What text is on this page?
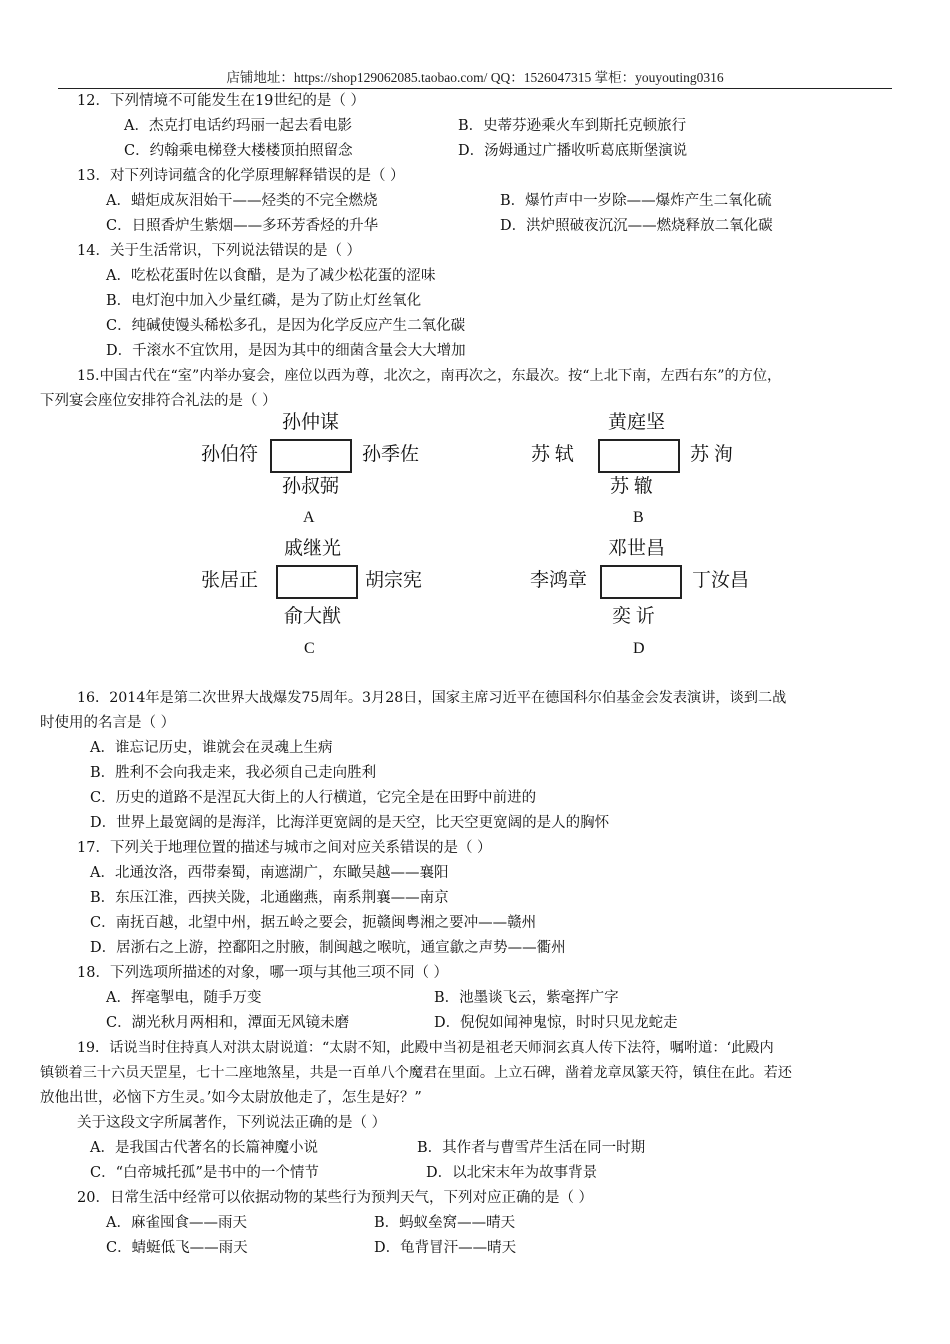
店铺地址：https://shop129062085.taobao.com/ QQ：1526047315 掌柜：youyouting0316
12．下列情境不可能发生在19世纪的是（ ）
A．杰克打电话约玛丽一起去看电影	B．史蒂芬逊乘火车到斯托克顿旅行
C．约翰乘电梯登大楼楼顶拍照留念	D．汤姆通过广播收听葛底斯堡演说
13．对下列诗词蕴含的化学原理解释错误的是（ ）
A．蜡炬成灰泪始干——烃类的不完全燃烧	B．爆竹声中一岁除——爆炸产生二氧化硫
C．日照香炉生紫烟——多环芳香烃的升华	D．洪炉照破夜沉沉——燃烧释放二氧化碳
14．关于生活常识，下列说法错误的是（ ）
A．吃松花蛋时佐以食醋，是为了减少松花蛋的涩味
B．电灯泡中加入少量红磷，是为了防止灯丝氧化
C．纯碱使馒头稀松多孔，是因为化学反应产生二氧化碳
D．千滚水不宜饮用，是因为其中的细菌含量会大大增加
15.中国古代在“室”内举办宴会，座位以西为尊，北次之，南再次之，东最次。按“上北下南，左西右东”的方位，
下列宴会座位安排符合礼法的是（ ）
孙仲谋
孙伯符	孙季佐
孙叔弼
A
黄庭坚
苏 轼	苏 洵
苏 辙
B
戚继光
张居正	胡宗宪
俞大猷
C
邓世昌
李鸿章	丁汝昌
奕 䜣
D
16．2014年是第二次世界大战爆发75周年。3月28日，国家主席习近平在德国科尔伯基金会发表演讲，谈到二战
时使用的名言是（ ）
A．谁忘记历史，谁就会在灵魂上生病
B．胜利不会向我走来，我必须自己走向胜利
C．历史的道路不是涅瓦大街上的人行横道，它完全是在田野中前进的
D．世界上最宽阔的是海洋，比海洋更宽阔的是天空，比天空更宽阔的是人的胸怀
17．下列关于地理位置的描述与城市之间对应关系错误的是（ ）
A．北通汝洛，西带秦蜀，南遮湖广，东瞰吴越——襄阳
B．东压江淮，西挟关陇，北通幽燕，南系荆襄——南京
C．南抚百越，北望中州，据五岭之要会，扼赣闽粤湘之要冲——赣州
D．居浙右之上游，控鄱阳之肘腋，制闽越之喉吭，通宣歙之声势——衢州
18．下列选项所描述的对象，哪一项与其他三项不同（ ）
A．挥毫掣电，随手万变	B．池墨谈飞云，紫毫挥广字
C．湖光秋月两相和，潭面无风镜未磨	D．倪倪如闻神鬼惊，时时只见龙蛇走
19．话说当时住持真人对洪太尉说道：“太尉不知，此殿中当初是祖老天师洞玄真人传下法符，嘱咐道：‘此殿内
镇锁着三十六员天罡星，七十二座地煞星，共是一百单八个魔君在里面。上立石碑，凿着龙章凤篆天符，镇住在此。若还
放他出世，必恼下方生灵。’如今太尉放他走了，怎生是好？”
关于这段文字所属著作，下列说法正确的是（ ）
A．是我国古代著名的长篇神魔小说	B．其作者与曹雪芹生活在同一时期
C．“白帝城托孤”是书中的一个情节	D．以北宋末年为故事背景
20．日常生活中经常可以依据动物的某些行为预判天气，下列对应正确的是（ ）
A．麻雀囤食——雨天	B．蚂蚁垒窝——晴天
C．蜻蜓低飞——雨天	D．龟背冒汗——晴天
